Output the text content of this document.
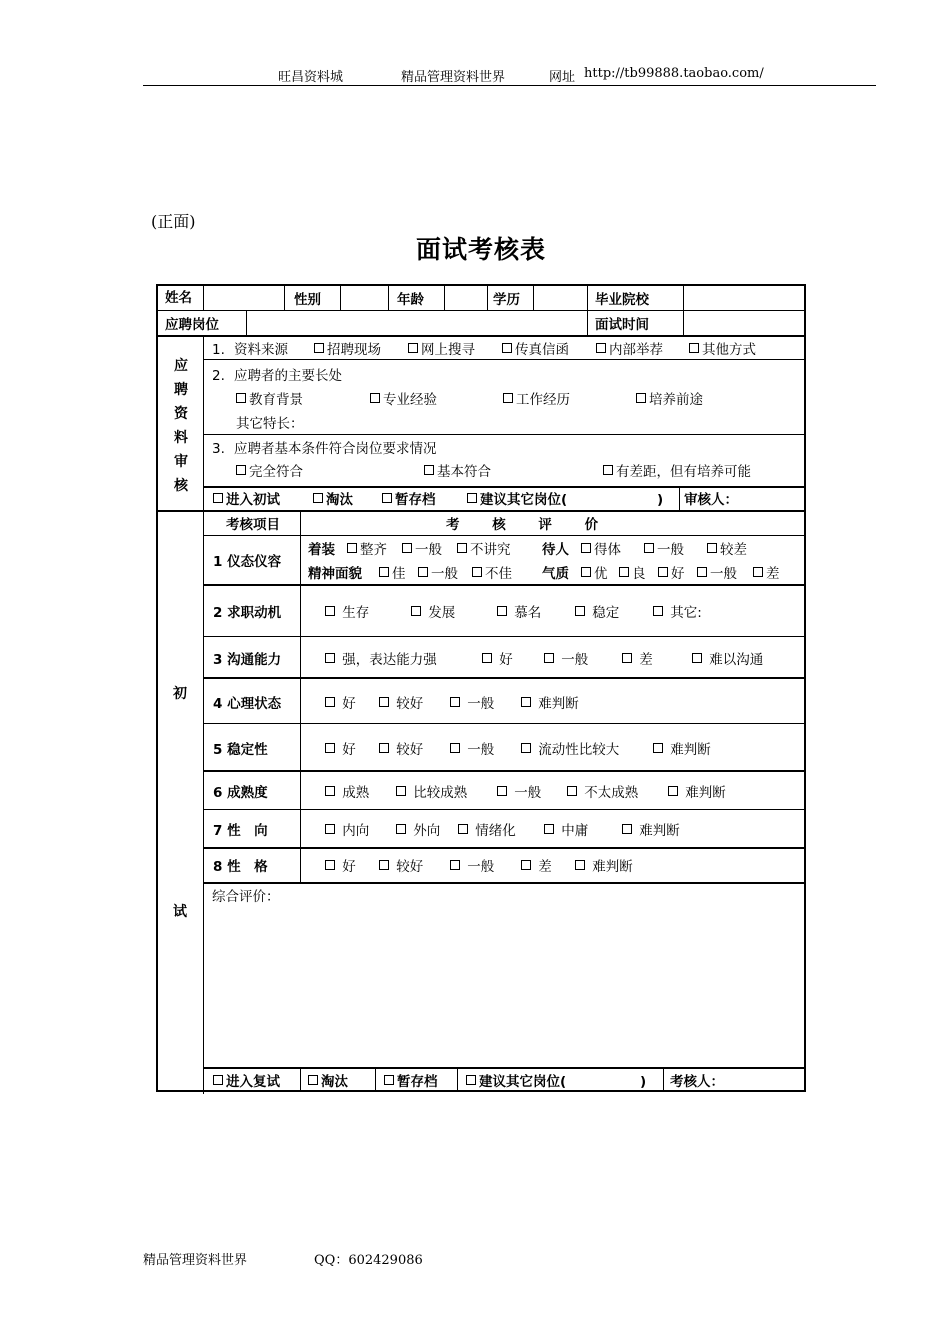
旺昌资料城	精品管理资料世界	网址 http://tb99888.taobao.com/
(正面)
面试考核表
姓名	性别	年龄	学历	毕业院校
应聘岗位	面试时间
应
聘
资
料
审
核
1. 资料来源	招聘现场	网上搜寻	传真信函	内部举荐	其他方式
2. 应聘者的主要长处
教育背景	专业经验	工作经历	培养前途
其它特长：
3. 应聘者基本条件符合岗位要求情况
完全符合	基本符合	有差距，但有培养可能
进入初试	淘汰	暂存档	建议其它岗位(	) 审核人：
初
试
考核项目	考 核 评 价
1 仪态仪容
着装	整齐	一般	不讲究 待人	得体	一般	较差
精神面貌	佳	一般	不佳 气质	优	良	好	一般	差
2 求职动机	生存	发展	慕名	稳定	其它:
3 沟通能力	强，表达能力强	好	一般	差	难以沟通
4 心理状态	好	较好	一般	难判断
5 稳定性	好	较好	一般	流动性比较大	难判断
6 成熟度	成熟	比较成熟	一般	不太成熟	难判断
7 性　向	内向	外向	情绪化	中庸	难判断
8 性　格	好	较好	一般	差	难判断
综合评价：
进入复试	淘汰	暂存档	建议其它岗位(	) 考核人：
精品管理资料世界	QQ：602429086
